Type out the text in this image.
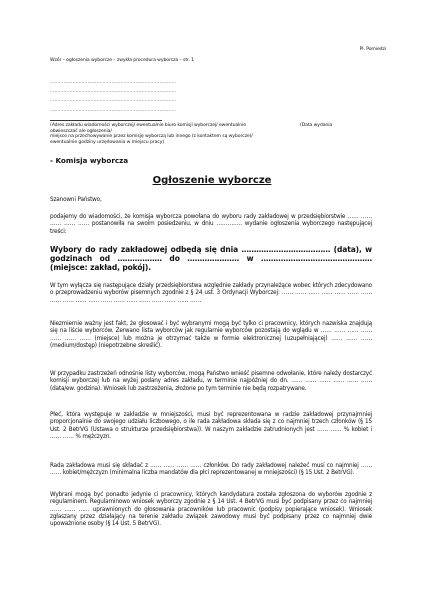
Pl. Pomiedzi
Wzór – ogłoszenia wyborcze – zwykła procedura wyborcza – str. 1
…………………………………………………………………………
…………………………………………………………………………
…………………………………………………………………………
…………………………………………………………………………
(Adres zakładu wiadomości wyborczej/ ewentualnie biuro komisji wyborczej/ ewentualnie
obwieszczać ale ogłoszenia/
miejsce na przechowywanie przez komisję wyborczą lub innego (z kontaktem są wyborcze)/
ewentualnie godziny urzędowania w miejscu pracy)
(Data wydania
- Komisja wyborcza
Ogłoszenie wyborcze
Szanowni Państwo,
podajemy do wiadomości, że komisja wyborcza powołana do wyboru rady zakładowej w przedsiębiorstwie …… …… …… …… …… postanowiła na swoim posiedzeniu, w dniu ………….. wydanie ogłoszenia wyborczego następującej treści:
Wybory do rady zakładowej odbędą się dnia ……………………………… (data), w godzinach od ……………… do ………………… w ……………………………………… (miejsce: zakład, pokój).
W tym wyłącza się następujące działy przedsiębiorstwa względnie zakłady przynależące wobec których zdecydowano o przeprowadzeniu wyborów pisemnych zgodnie z § 24 ust. 3 Ordynacji Wyborczej: …… …… …… …… …… …… …… …… …… …… …… …… …… …… …… …… …… …… ……
Niezmiernie ważny jest fakt, że głosować i być wybranymi mogą być tylko ci pracownicy, których nazwiska znajdują się na liście wyborców. Zerwano lista wyborców jak regularnie wyborców pozostają do wglądu w …… …… …… …… …… …… …… (miejsce) lub można je otrzymać także w formie elektronicznej (uzupełniającej) …… …… …… (medium/dostęp) (niepotrzebne skreślić).
W przypadku zastrzeżeń odnośnie listy wyborców, mogą Państwo wnieść pisemne odwołanie, które należy dostarczyć komisji wyborczej lub na wyżej podany adres zakładu, w terminie najpóźniej do dn. …… …… …… …… …… …… (data/ew. godzina). Wniosek lub zastrzeżenia, złożone po tym terminie nie będą rozpatrywane.
Płeć, która występuje w zakładzie w mniejszości, musi być reprezentowana w radzie zakładowej przynajmniej proporcjonalnie do swojego udziału liczbowego, o ile rada zakładowa składa się z co najmniej trzech członków (§ 15 Ust. 2 BetrVG (Ustawa o strukturze przedsiębiorstwa)). W naszym zakładzie zatrudnionych jest …… …… % kobiet i …… …… % mężczyzn.
Rada zakładowa musi się składać z …… …… …… …… członków. Do rady zakładowej należeć musi co najmniej …… …… kobiet/mężczyzn (minimalna liczba mandatów dla płci reprezentowanej w mniejszości) (§ 15 Ust. 2 BetrVG).
Wybrani mogą być ponadto jedynie ci pracownicy, których kandydatura została zgłoszona do wyborów zgodnie z regulaminem. Regulaminowo wniosek wyborczy zgodnie z § 14 Ust. 4 BetrVG musi być podpisany przez co najmniej …… …… …… uprawnionych do głosowania pracowników lub pracownic (podpisy popierające wniosek). Wniosek zgłaszany przez działający na terenie zakładu związek zawodowy musi być podpisany przez co najmniej dwie upoważnione osoby (§ 14 Ust. 5 BetrVG).
